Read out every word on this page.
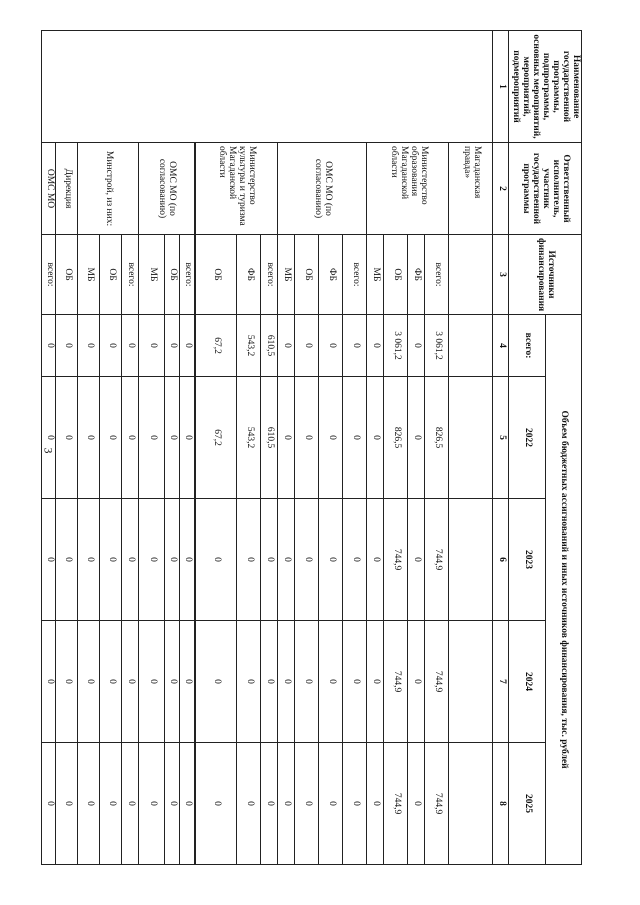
3
Наименование государственной программы, подпрограммы, основных мероприятий, мероприятий, подмероприятий	Ответственный исполнитель, участник государственной программы	Источники финансирования	Объем бюджетных ассигнований и иных источников финансирования, тыс. рублей				
			всего:	2022	2023	2024	2025
1	2	3	4	5	6	7	8
	Магаданская правда»						
	Министерство образования Магаданской области	всего:	3 061,2	826,5	744,9	744,9	744,9
		ФБ	0	0	0	0	0
		ОБ	3 061,2	826,5	744,9	744,9	744,9
		МБ	0	0	0	0	0
	ОМС МО (по согласованию)	всего:	0	0	0	0	0
		ФБ	0	0	0	0	0
		ОБ	0	0	0	0	0
		МБ	0	0	0	0	0
	Министерство культуры и туризма Магаданской области	всего:	610,5	610,5	0	0	0
		ФБ	543,2	543,2	0	0	0
		ОБ	67,2	67,2	0	0	0
	ОМС МО (по согласованию)	всего:	0	0	0	0	0
		ОБ	0	0	0	0	0
		МБ	0	0	0	0	0
	Минстрой, из них:	всего:	0	0	0	0	0
		ОБ	0	0	0	0	0
		МБ	0	0	0	0	0
	Дирекция	ОБ	0	0	0	0	0
	ОМС МО	всего:	0	0	0	0	0
